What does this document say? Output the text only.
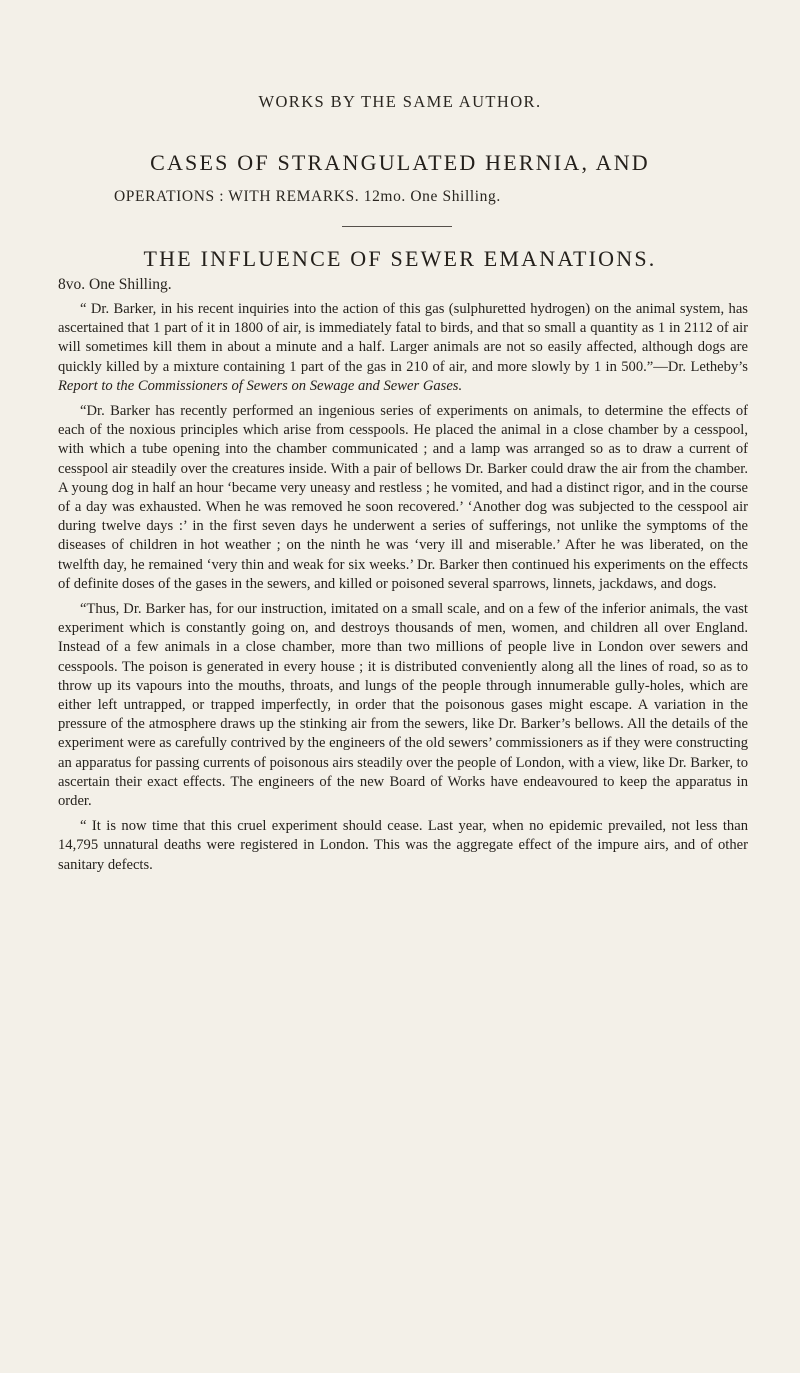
WORKS BY THE SAME AUTHOR.
CASES OF STRANGULATED HERNIA, AND
OPERATIONS : WITH REMARKS. 12mo. One Shilling.
THE INFLUENCE OF SEWER EMANATIONS.
8vo. One Shilling.

“ Dr. Barker, in his recent inquiries into the action of this gas (sulphuretted hydrogen) on the animal system, has ascertained that 1 part of it in 1800 of air, is immediately fatal to birds, and that so small a quantity as 1 in 2112 of air will sometimes kill them in about a minute and a half. Larger animals are not so easily affected, although dogs are quickly killed by a mixture containing 1 part of the gas in 210 of air, and more slowly by 1 in 500.”—Dr. Letheby’s Report to the Commissioners of Sewers on Sewage and Sewer Gases.

“Dr. Barker has recently performed an ingenious series of experiments on animals, to determine the effects of each of the noxious principles which arise from cesspools. He placed the animal in a close chamber by a cesspool, with which a tube opening into the chamber communicated ; and a lamp was arranged so as to draw a current of cesspool air steadily over the creatures inside. With a pair of bellows Dr. Barker could draw the air from the chamber. A young dog in half an hour ‘became very uneasy and restless ; he vomited, and had a distinct rigor, and in the course of a day was exhausted. When he was removed he soon recovered.’ ‘Another dog was subjected to the cesspool air during twelve days :’ in the first seven days he underwent a series of sufferings, not unlike the symptoms of the diseases of children in hot weather ; on the ninth he was ‘very ill and miserable.’ After he was liberated, on the twelfth day, he remained ‘very thin and weak for six weeks.’ Dr. Barker then continued his experiments on the effects of definite doses of the gases in the sewers, and killed or poisoned several sparrows, linnets, jackdaws, and dogs.

“Thus, Dr. Barker has, for our instruction, imitated on a small scale, and on a few of the inferior animals, the vast experiment which is constantly going on, and destroys thousands of men, women, and children all over England. Instead of a few animals in a close chamber, more than two millions of people live in London over sewers and cesspools. The poison is generated in every house ; it is distributed conveniently along all the lines of road, so as to throw up its vapours into the mouths, throats, and lungs of the people through innumerable gully-holes, which are either left untrapped, or trapped imperfectly, in order that the poisonous gases might escape. A variation in the pressure of the atmosphere draws up the stinking air from the sewers, like Dr. Barker’s bellows. All the details of the experiment were as carefully contrived by the engineers of the old sewers’ commissioners as if they were constructing an apparatus for passing currents of poisonous airs steadily over the people of London, with a view, like Dr. Barker, to ascertain their exact effects. The engineers of the new Board of Works have endeavoured to keep the apparatus in order.

“ It is now time that this cruel experiment should cease. Last year, when no epidemic prevailed, not less than 14,795 unnatural deaths were registered in London. This was the aggregate effect of the impure airs, and of other sanitary defects.
